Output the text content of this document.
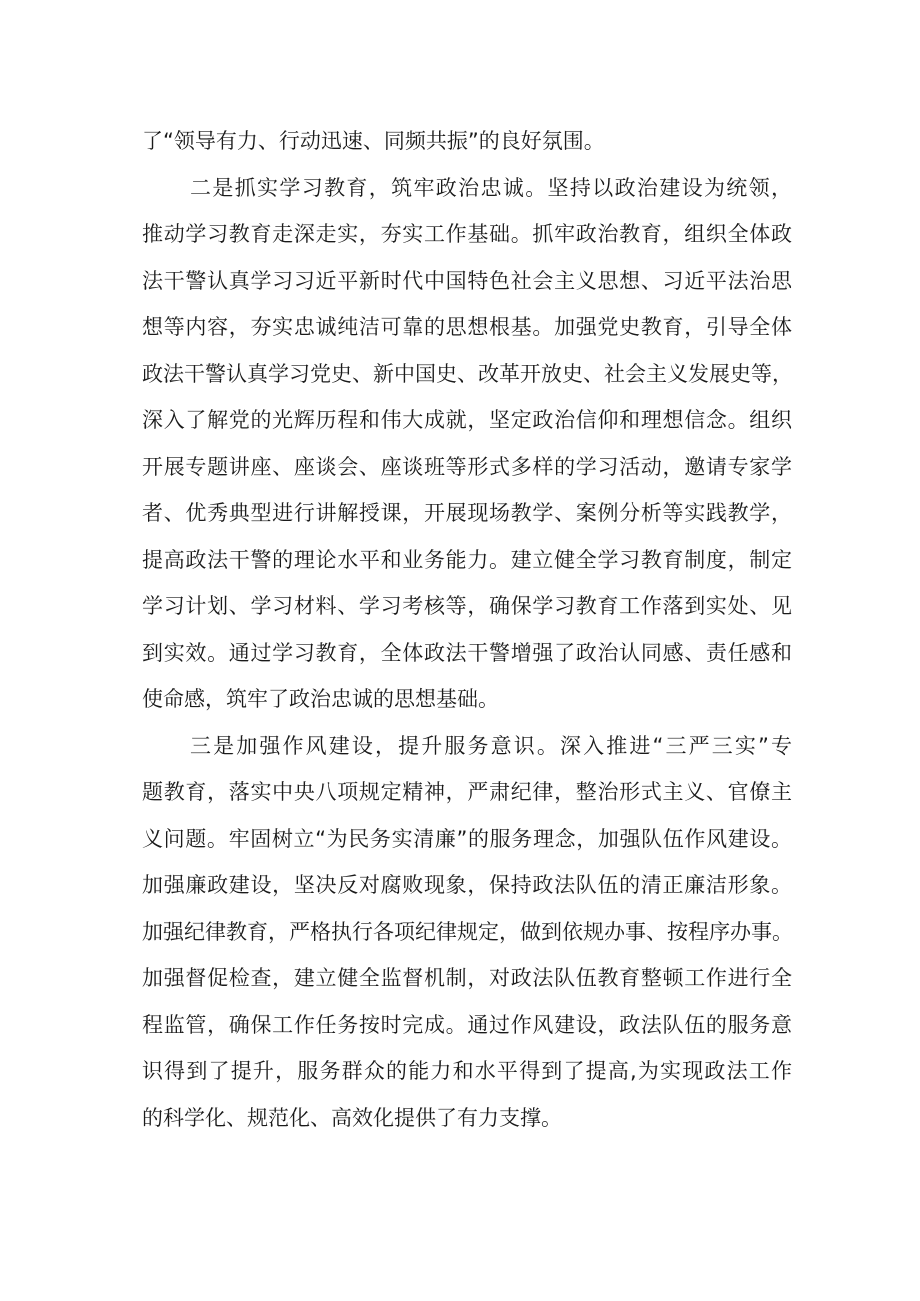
了“领导有力、行动迅速、同频共振”的良好氛围。
二是抓实学习教育，筑牢政治忠诚。坚持以政治建设为统领，
推动学习教育走深走实，夯实工作基础。抓牢政治教育，组织全体政
法干警认真学习习近平新时代中国特色社会主义思想、习近平法治思
想等内容，夯实忠诚纯洁可靠的思想根基。加强党史教育，引导全体
政法干警认真学习党史、新中国史、改革开放史、社会主义发展史等，
深入了解党的光辉历程和伟大成就，坚定政治信仰和理想信念。组织
开展专题讲座、座谈会、座谈班等形式多样的学习活动，邀请专家学
者、优秀典型进行讲解授课，开展现场教学、案例分析等实践教学，
提高政法干警的理论水平和业务能力。建立健全学习教育制度，制定
学习计划、学习材料、学习考核等，确保学习教育工作落到实处、见
到实效。通过学习教育，全体政法干警增强了政治认同感、责任感和
使命感，筑牢了政治忠诚的思想基础。
三是加强作风建设，提升服务意识。深入推进“三严三实”专
题教育，落实中央八项规定精神，严肃纪律，整治形式主义、官僚主
义问题。牢固树立“为民务实清廉”的服务理念，加强队伍作风建设。
加强廉政建设，坚决反对腐败现象，保持政法队伍的清正廉洁形象。
加强纪律教育，严格执行各项纪律规定，做到依规办事、按程序办事。
加强督促检查，建立健全监督机制，对政法队伍教育整顿工作进行全
程监管，确保工作任务按时完成。通过作风建设，政法队伍的服务意
识得到了提升，服务群众的能力和水平得到了提高,为实现政法工作
的科学化、规范化、高效化提供了有力支撑。
